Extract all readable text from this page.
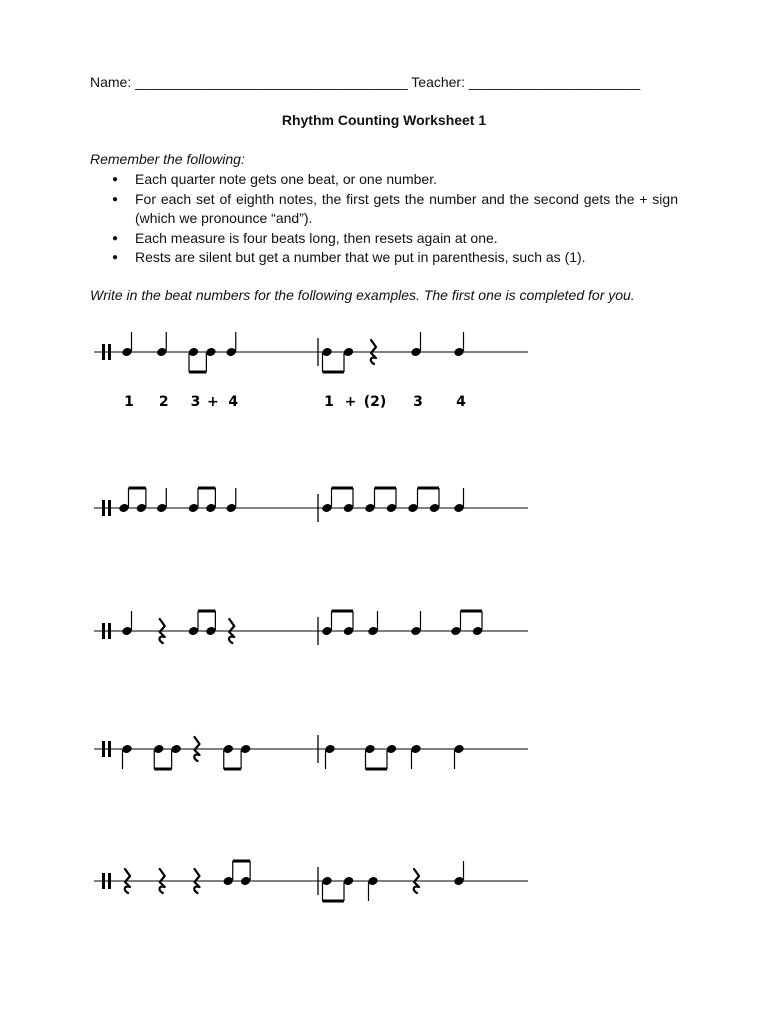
Name: ___________________________________ Teacher: ______________________
Rhythm Counting Worksheet 1
Remember the following:
● Each quarter note gets one beat, or one number.
● For each set of eighth notes, the first gets the number and the second gets the + sign (which we pronounce “and”).
● Each measure is four beats long, then resets again at one.
● Rests are silent but get a number that we put in parenthesis, such as (1).
Write in the beat numbers for the following examples. The first one is completed for you.
1 2 3 + 4	1 + (2) 3 4
